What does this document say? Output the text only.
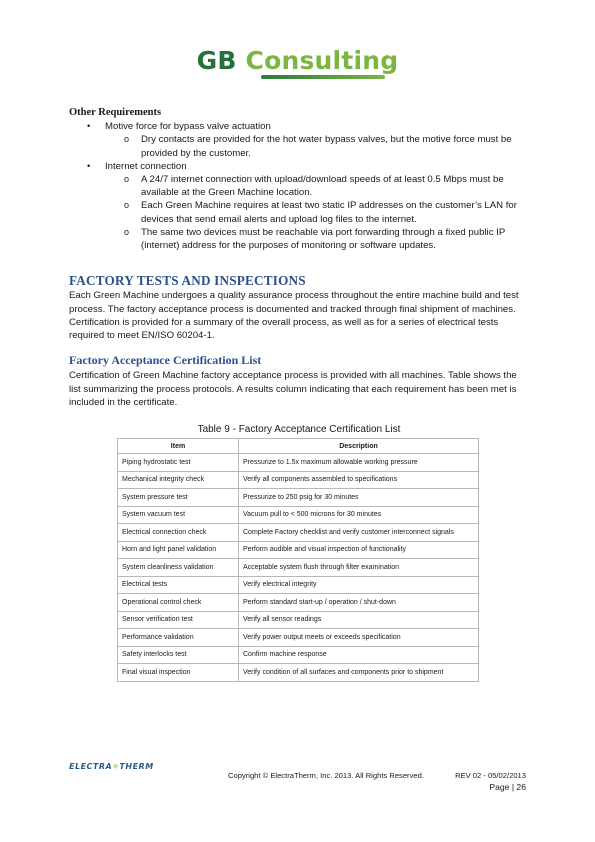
GB Consulting
Other Requirements
• Motive force for bypass valve actuation
o Dry contacts are provided for the hot water bypass valves, but the motive force must be provided by the customer.
• Internet connection
o A 24/7 internet connection with upload/download speeds of at least 0.5 Mbps must be available at the Green Machine location.
o Each Green Machine requires at least two static IP addresses on the customer’s LAN for devices that send email alerts and upload log files to the internet.
o The same two devices must be reachable via port forwarding through a fixed public IP (internet) address for the purposes of monitoring or software updates.
FACTORY TESTS AND INSPECTIONS

Each Green Machine undergoes a quality assurance process throughout the entire machine build and test process. The factory acceptance process is documented and tracked through final shipment of machines. Certification is provided for a summary of the overall process, as well as for a series of electrical tests required to meet EN/ISO 60204-1.

Factory Acceptance Certification List

Certification of Green Machine factory acceptance process is provided with all machines. Table shows the list summarizing the process protocols. A results column indicating that each requirement has been met is included in the certificate.

Table 9 - Factory Acceptance Certification List
Item	Description
Piping hydrostatic test	Pressurize to 1.5x maximum allowable working pressure
Mechanical integrity check	Verify all components assembled to specifications
System pressure test	Pressurize to 250 psig for 30 minutes
System vacuum test	Vacuum pull to < 500 microns for 30 minutes
Electrical connection check	Complete Factory checklist and verify customer interconnect signals
Horn and light panel validation	Perform audible and visual inspection of functionality
System cleanliness validation	Acceptable system flush through filter examination
Electrical tests	Verify electrical integrity
Operational control check	Perform standard start-up / operation / shut-down
Sensor verification test	Verify all sensor readings
Performance validation	Verify power output meets or exceeds specification
Safety interlocks test	Confirm machine response
Final visual inspection	Verify condition of all surfaces and components prior to shipment
ELECTRA✳THERM
Copyright © ElectraTherm, Inc. 2013. All Rights Reserved.	REV 02 - 05/02/2013
Page | 26
